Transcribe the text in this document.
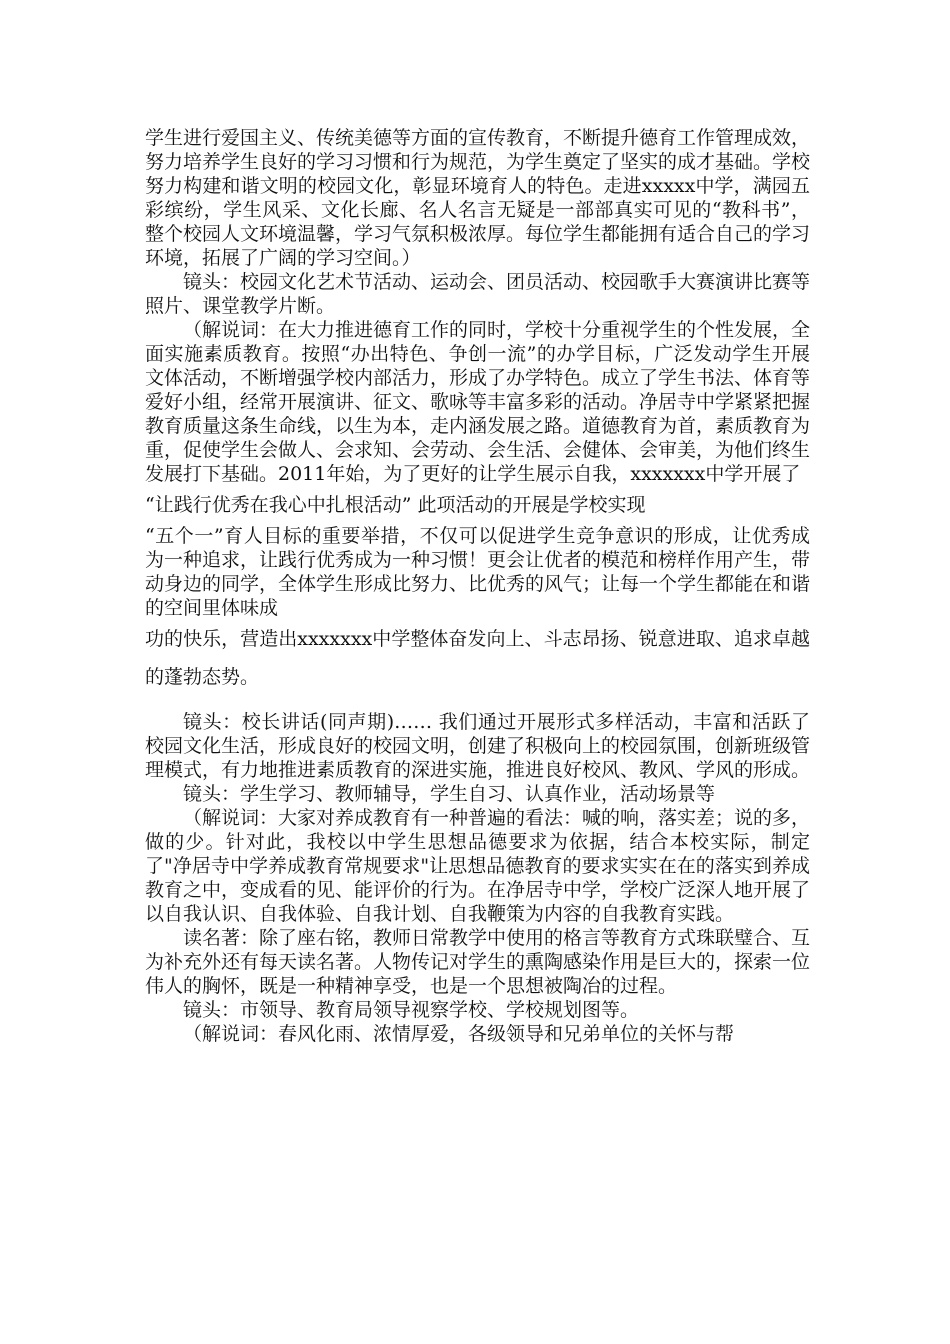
学生进行爱国主义、传统美德等方面的宣传教育，不断提升德育工作管理成效，努力培养学生良好的学习习惯和行为规范，为学生奠定了坚实的成才基础。学校努力构建和谐文明的校园文化，彰显环境育人的特色。走进xxxxx中学，满园五彩缤纷，学生风采、文化长廊、名人名言无疑是一部部真实可见的“教科书”，整个校园人文环境温馨，学习气氛积极浓厚。每位学生都能拥有适合自己的学习环境，拓展了广阔的学习空间。）

镜头：校园文化艺术节活动、运动会、团员活动、校园歌手大赛演讲比赛等照片、课堂教学片断。

（解说词：在大力推进德育工作的同时，学校十分重视学生的个性发展，全面实施素质教育。按照“办出特色、争创一流”的办学目标，广泛发动学生开展文体活动，不断增强学校内部活力，形成了办学特色。成立了学生书法、体育等爱好小组，经常开展演讲、征文、歌咏等丰富多彩的活动。净居寺中学紧紧把握教育质量这条生命线，以生为本，走内涵发展之路。道德教育为首，素质教育为重，促使学生会做人、会求知、会劳动、会生活、会健体、会审美，为他们终生发展打下基础。2011年始，为了更好的让学生展示自我，xxxxxxx中学开展了

“让践行优秀在我心中扎根活动” 此项活动的开展是学校实现

“五个一”育人目标的重要举措，不仅可以促进学生竞争意识的形成，让优秀成为一种追求，让践行优秀成为一种习惯！更会让优者的模范和榜样作用产生，带动身边的同学，全体学生形成比努力、比优秀的风气；让每一个学生都能在和谐的空间里体味成

功的快乐，营造出xxxxxxx中学整体奋发向上、斗志昂扬、锐意进取、追求卓越的蓬勃态势。

镜头：校长讲话(同声期)…… 我们通过开展形式多样活动，丰富和活跃了校园文化生活，形成良好的校园文明，创建了积极向上的校园氛围，创新班级管理模式，有力地推进素质教育的深进实施，推进良好校风、教风、学风的形成。

镜头：学生学习、教师辅导，学生自习、认真作业，活动场景等

（解说词：大家对养成教育有一种普遍的看法：喊的响，落实差；说的多，做的少。针对此，我校以中学生思想品德要求为依据，结合本校实际，制定了"净居寺中学养成教育常规要求"让思想品德教育的要求实实在在的落实到养成教育之中，变成看的见、能评价的行为。在净居寺中学，学校广泛深人地开展了以自我认识、自我体验、自我计划、自我鞭策为内容的自我教育实践。

读名著：除了座右铭，教师日常教学中使用的格言等教育方式珠联璧合、互为补充外还有每天读名著。人物传记对学生的熏陶感染作用是巨大的，探索一位伟人的胸怀，既是一种精神享受，也是一个思想被陶冶的过程。

镜头：市领导、教育局领导视察学校、学校规划图等。

（解说词：春风化雨、浓情厚爱，各级领导和兄弟单位的关怀与帮
